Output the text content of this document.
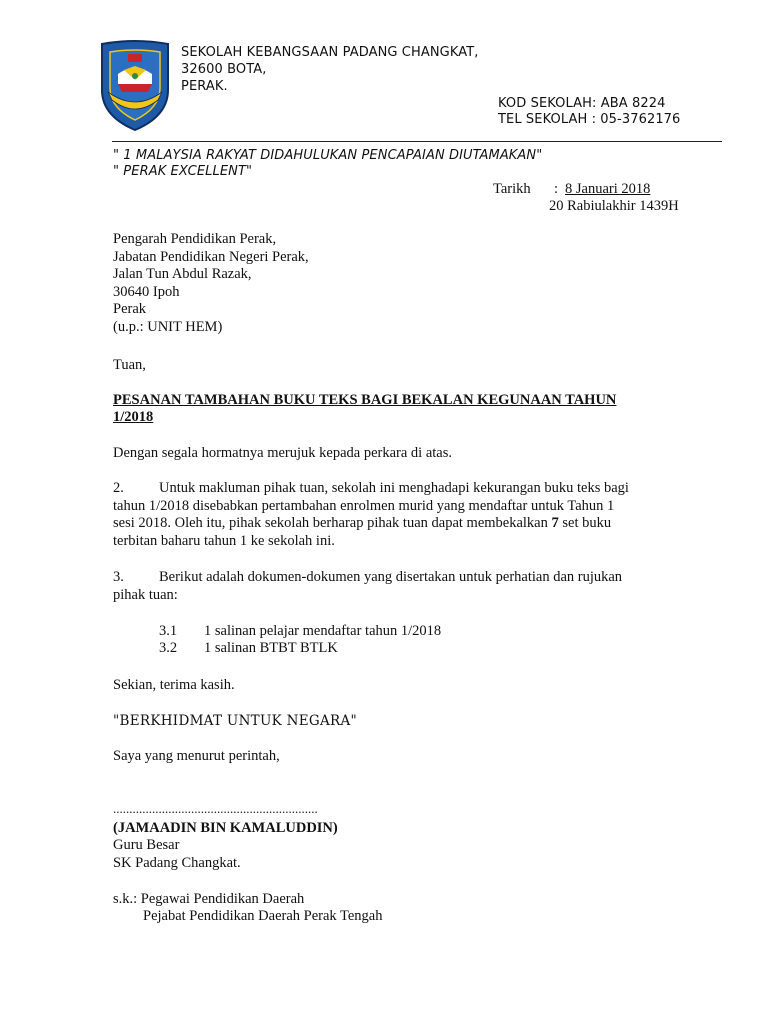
SEKOLAH KEBANGSAAN PADANG CHANGKAT,
32600 BOTA,
PERAK.
KOD SEKOLAH: ABA 8224
TEL SEKOLAH : 05-3762176
" 1 MALAYSIA RAKYAT DIDAHULUKAN PENCAPAIAN DIUTAMAKAN"
" PERAK EXCELLENT"
Tarikh : 8 Januari 2018
20 Rabiulakhir 1439H
Pengarah Pendidikan Perak,
Jabatan Pendidikan Negeri Perak,
Jalan Tun Abdul Razak,
30640 Ipoh
Perak
(u.p.: UNIT HEM)
Tuan,
PESANAN TAMBAHAN BUKU TEKS BAGI BEKALAN KEGUNAAN TAHUN
1/2018
Dengan segala hormatnya merujuk kepada perkara di atas.
2. Untuk makluman pihak tuan, sekolah ini menghadapi kekurangan buku teks bagi
tahun 1/2018 disebabkan pertambahan enrolmen murid yang mendaftar untuk Tahun 1
sesi 2018. Oleh itu, pihak sekolah berharap pihak tuan dapat membekalkan 7 set buku
terbitan baharu tahun 1 ke sekolah ini.
3. Berikut adalah dokumen-dokumen yang disertakan untuk perhatian dan rujukan
pihak tuan:
3.1 1 salinan pelajar mendaftar tahun 1/2018
3.2 1 salinan BTBT BTLK
Sekian, terima kasih.
"BERKHIDMAT UNTUK NEGARA"
Saya yang menurut perintah,
...............................................................
(JAMAADIN BIN KAMALUDDIN)
Guru Besar
SK Padang Changkat.
s.k.: Pegawai Pendidikan Daerah
Pejabat Pendidikan Daerah Perak Tengah
